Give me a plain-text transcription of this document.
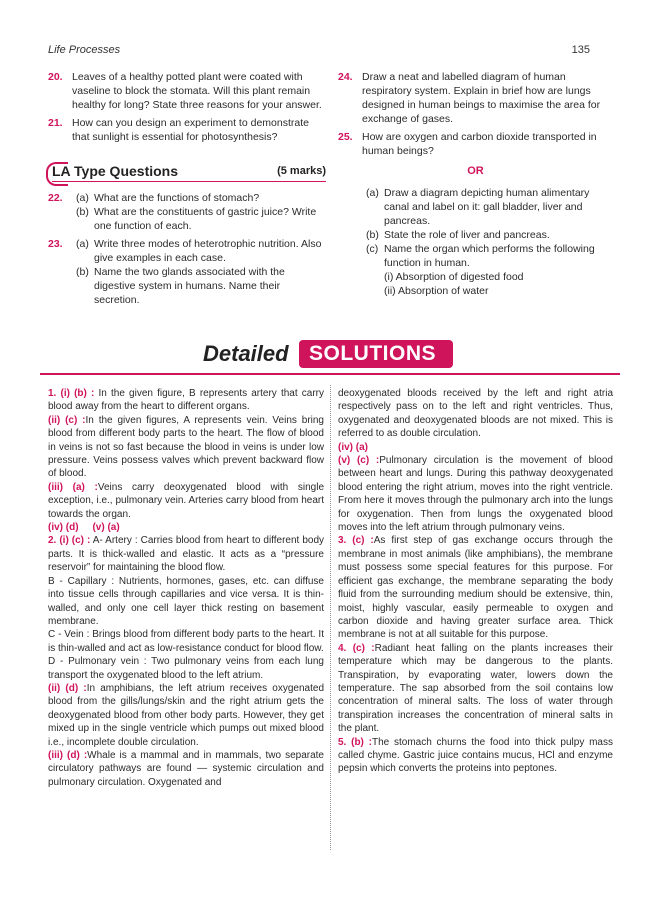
Life Processes	135
20. Leaves of a healthy potted plant were coated with vaseline to block the stomata. Will this plant remain healthy for long? State three reasons for your answer.
21. How can you design an experiment to demonstrate that sunlight is essential for photosynthesis?
LA Type Questions	(5 marks)
22. (a) What are the functions of stomach?
(b) What are the constituents of gastric juice? Write one function of each.
23. (a) Write three modes of heterotrophic nutrition. Also give examples in each case.
(b) Name the two glands associated with the digestive system in humans. Name their secretion.
24. Draw a neat and labelled diagram of human respiratory system. Explain in brief how are lungs designed in human beings to maximise the area for exchange of gases.
25. How are oxygen and carbon dioxide transported in human beings?
OR
(a) Draw a diagram depicting human alimentary canal and label on it: gall bladder, liver and pancreas.
(b) State the role of liver and pancreas.
(c) Name the organ which performs the following function in human.
(i) Absorption of digested food
(ii) Absorption of water
Detailed SOLUTIONS

1. (i) (b) : In the given figure, B represents artery that carry blood away from the heart to different organs.

(ii) (c) :In the given figures, A represents vein. Veins bring blood from different body parts to the heart. The flow of blood in veins is not so fast because the blood in veins is under low pressure. Veins possess valves which prevent backward flow of blood.

(iii) (a) :Veins carry deoxygenated blood with single exception, i.e., pulmonary vein. Arteries carry blood from heart towards the organ.

(iv) (d) (v) (a)

2. (i) (c) : A- Artery : Carries blood from heart to different body parts. It is thick-walled and elastic. It acts as a “pressure reservoir” for maintaining the blood flow.

B - Capillary : Nutrients, hormones, gases, etc. can diffuse into tissue cells through capillaries and vice versa. It is thin-walled, and only one cell layer thick resting on basement membrane.

C - Vein : Brings blood from different body parts to the heart. It is thin-walled and act as low-resistance conduct for blood flow.

D - Pulmonary vein : Two pulmonary veins from each lung transport the oxygenated blood to the left atrium.

(ii) (d) :In amphibians, the left atrium receives oxygenated blood from the gills/lungs/skin and the right atrium gets the deoxygenated blood from other body parts. However, they get mixed up in the single ventricle which pumps out mixed blood i.e., incomplete double circulation.

(iii) (d) :Whale is a mammal and in mammals, two separate circulatory pathways are found — systemic circulation and pulmonary circulation. Oxygenated and

deoxygenated bloods received by the left and right atria respectively pass on to the left and right ventricles. Thus, oxygenated and deoxygenated bloods are not mixed. This is referred to as double circulation.

(iv) (a)

(v) (c) :Pulmonary circulation is the movement of blood between heart and lungs. During this pathway deoxygenated blood entering the right atrium, moves into the right ventricle. From here it moves through the pulmonary arch into the lungs for oxygenation. Then from lungs the oxygenated blood moves into the left atrium through pulmonary veins.

3. (c) :As first step of gas exchange occurs through the membrane in most animals (like amphibians), the membrane must possess some special features for this purpose. For efficient gas exchange, the membrane separating the body fluid from the surrounding medium should be extensive, thin, moist, highly vascular, easily permeable to oxygen and carbon dioxide and having greater surface area. Thick membrane is not at all suitable for this purpose.

4. (c) :Radiant heat falling on the plants increases their temperature which may be dangerous to the plants. Transpiration, by evaporating water, lowers down the temperature. The sap absorbed from the soil contains low concentration of mineral salts. The loss of water through transpiration increases the concentration of mineral salts in the plant.

5. (b) :The stomach churns the food into thick pulpy mass called chyme. Gastric juice contains mucus, HCl and enzyme pepsin which converts the proteins into peptones.
